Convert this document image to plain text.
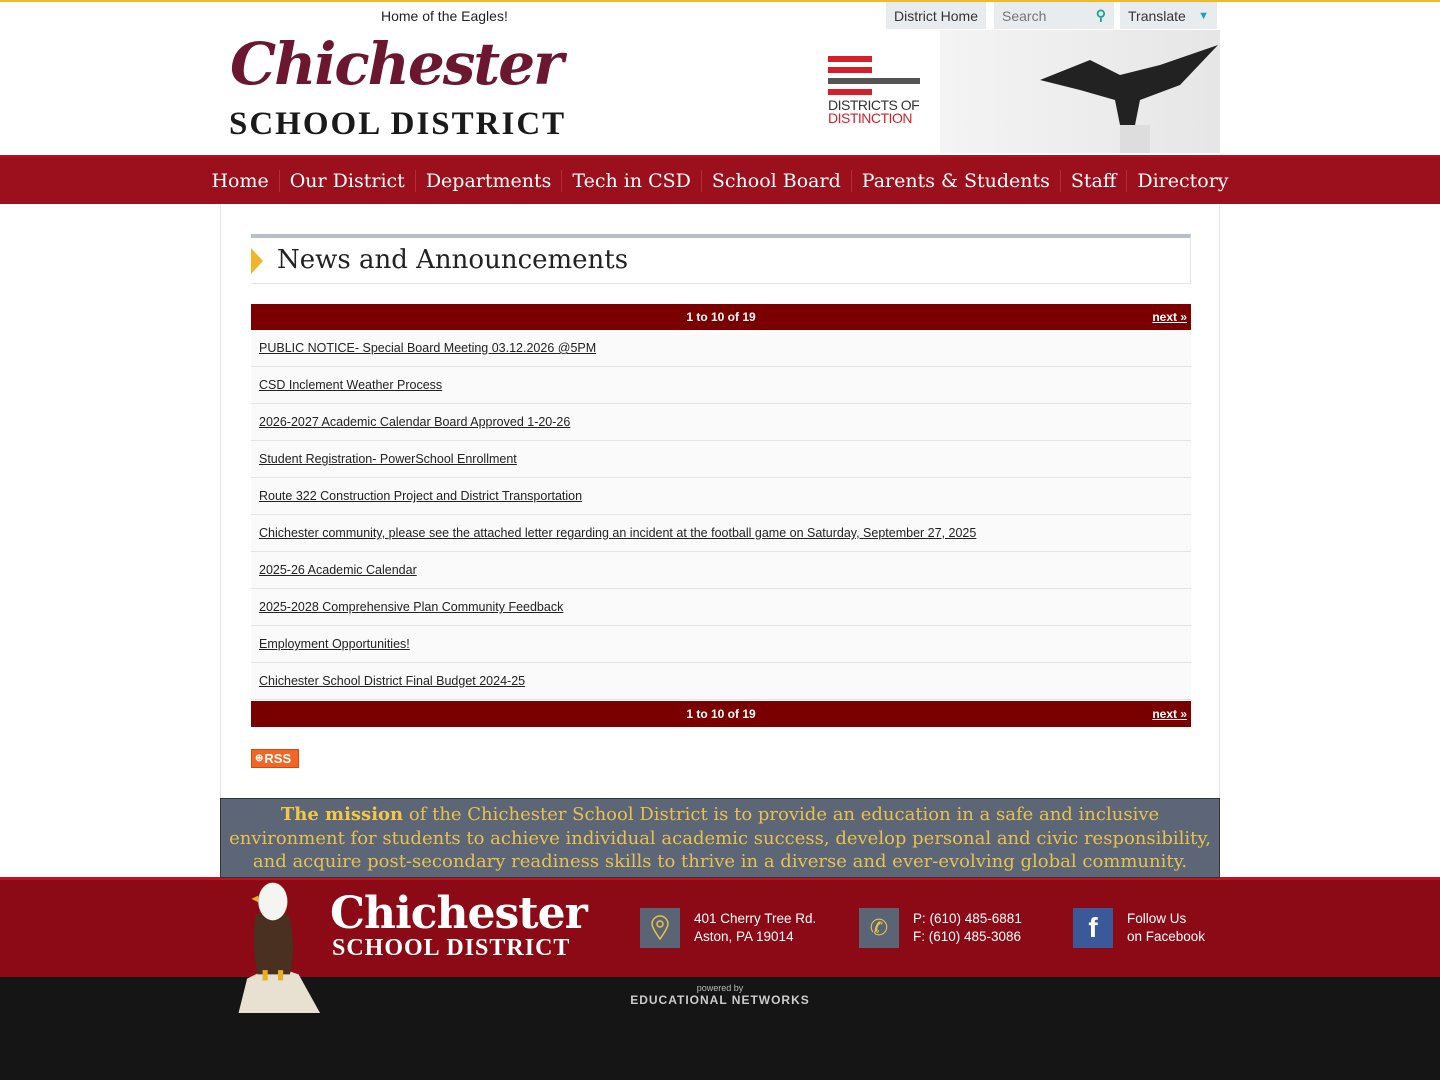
Home of the Eagles!	District Home
Search	⚲ Translate ▼
Chichester
SCHOOL DISTRICT
DISTRICTS OF
DISTINCTION
Home	Our District	Departments	Tech in CSD	School Board	Parents & Students	Staff	Directory
News and Announcements
1 to 10 of 19	next »
PUBLIC NOTICE- Special Board Meeting 03.12.2026 @5PM
CSD Inclement Weather Process
2026-2027 Academic Calendar Board Approved 1-20-26
Student Registration- PowerSchool Enrollment
Route 322 Construction Project and District Transportation
Chichester community, please see the attached letter regarding an incident at the football game on Saturday, September 27, 2025
2025-26 Academic Calendar
2025-2028 Comprehensive Plan Community Feedback
Employment Opportunities!
Chichester School District Final Budget 2024-25
1 to 10 of 19	next »
⊕ RSS
The mission of the Chichester School District is to provide an education in a safe and inclusive environment for students to achieve individual academic success, develop personal and civic responsibility, and acquire post-secondary readiness skills to thrive in a diverse and ever-evolving global community.
Chichester
SCHOOL DISTRICT
401 Cherry Tree Rd.
Aston, PA 19014	✆ P: (610) 485-6881
F: (610) 485-3086 f Follow Us
on Facebook
powered by
EDUCATIONAL NETWORKS
